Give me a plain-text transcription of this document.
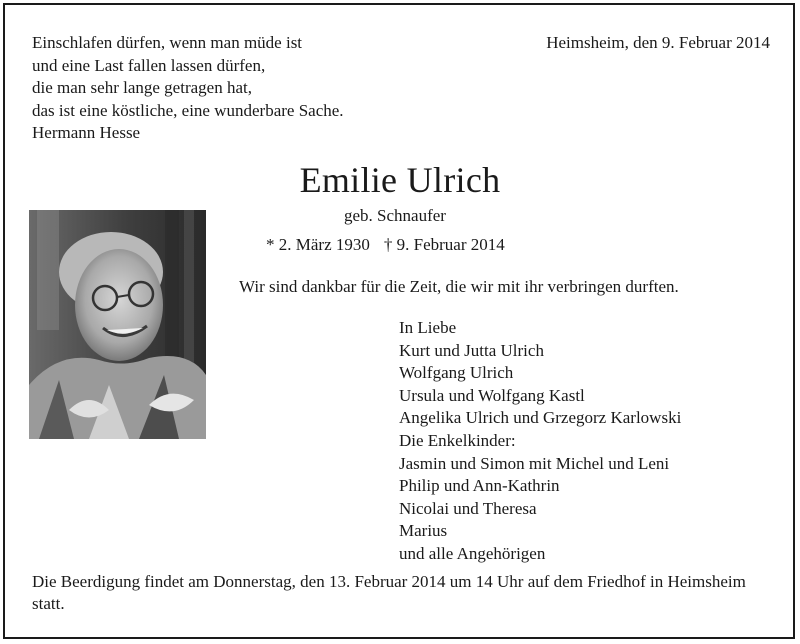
Einschlafen dürfen, wenn man müde ist
und eine Last fallen lassen dürfen,
die man sehr lange getragen hat,
das ist eine köstliche, eine wunderbare Sache.
Hermann Hesse
Heimsheim, den 9. Februar 2014
Emilie Ulrich
geb. Schnaufer
* 2. März 1930 † 9. Februar 2014
Wir sind dankbar für die Zeit, die wir mit ihr verbringen durften.
In Liebe
Kurt und Jutta Ulrich
Wolfgang Ulrich
Ursula und Wolfgang Kastl
Angelika Ulrich und Grzegorz Karlowski
Die Enkelkinder:
Jasmin und Simon mit Michel und Leni
Philip und Ann-Kathrin
Nicolai und Theresa
Marius
und alle Angehörigen
Die Beerdigung findet am Donnerstag, den 13. Februar 2014 um 14 Uhr auf dem Friedhof in Heimsheim statt.
